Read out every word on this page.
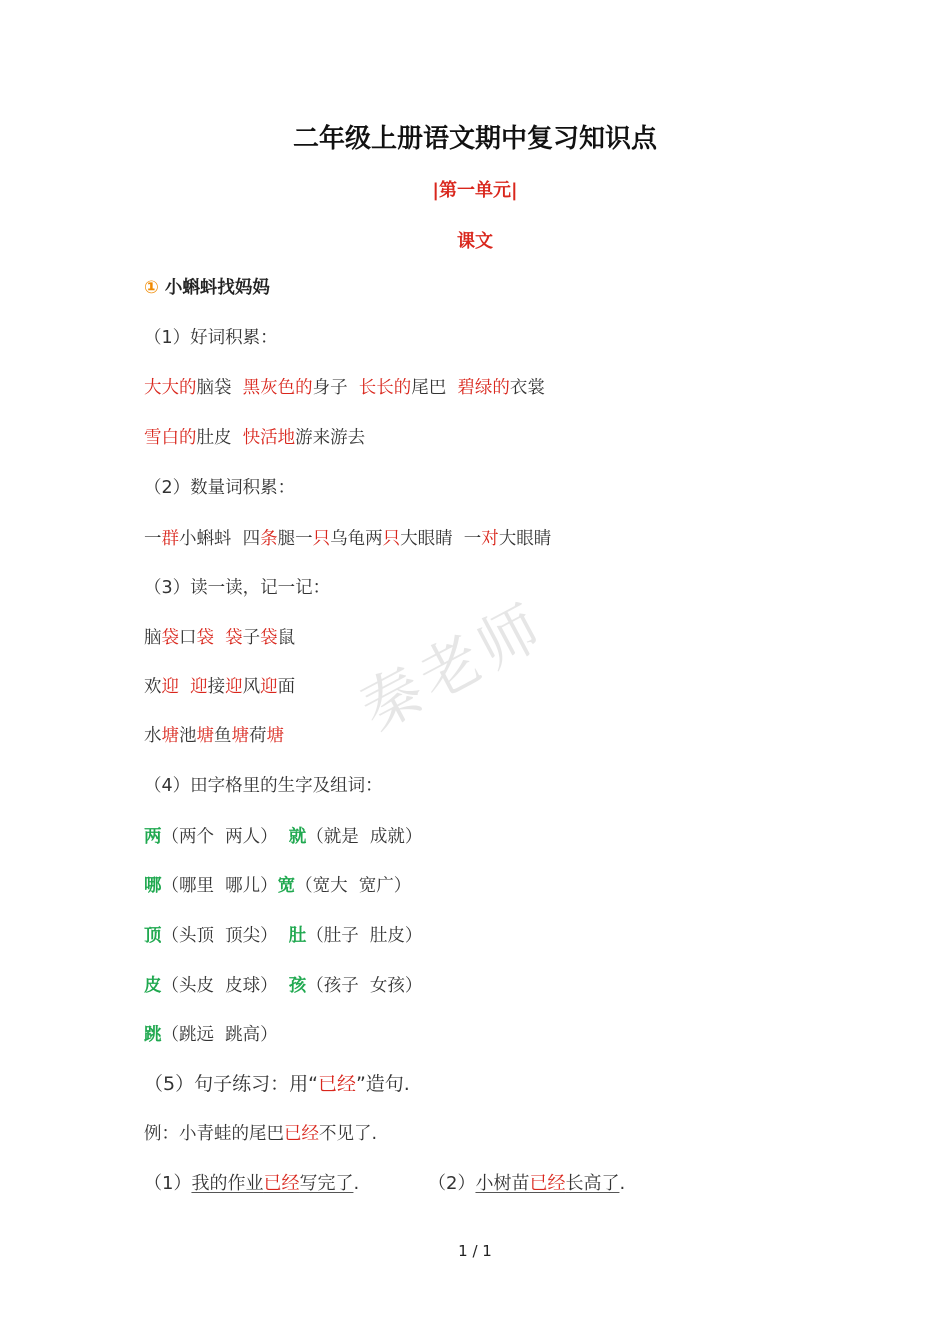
秦老师
二年级上册语文期中复习知识点
|第一单元|
课文
① 小蝌蚪找妈妈
（1）好词积累：
大大的脑袋  黑灰色的身子  长长的尾巴  碧绿的衣裳
雪白的肚皮  快活地游来游去
（2）数量词积累：
一群小蝌蚪  四条腿一只乌龟两只大眼睛  一对大眼睛
（3）读一读，记一记：
脑袋口袋 袋子袋鼠
欢迎 迎接迎风迎面
水塘池塘鱼塘荷塘
（4）田字格里的生字及组词：
两（两个  两人）  就（就是  成就）
哪（哪里  哪儿）宽（宽大  宽广）
顶（头顶  顶尖）  肚（肚子  肚皮）
皮（头皮  皮球）  孩（孩子  女孩）
跳（跳远  跳高）
（5）句子练习：用“已经”造句.
例：小青蛙的尾巴已经不见了.
（1）我的作业已经写完了.	（2）小树苗已经长高了.
1 / 1
